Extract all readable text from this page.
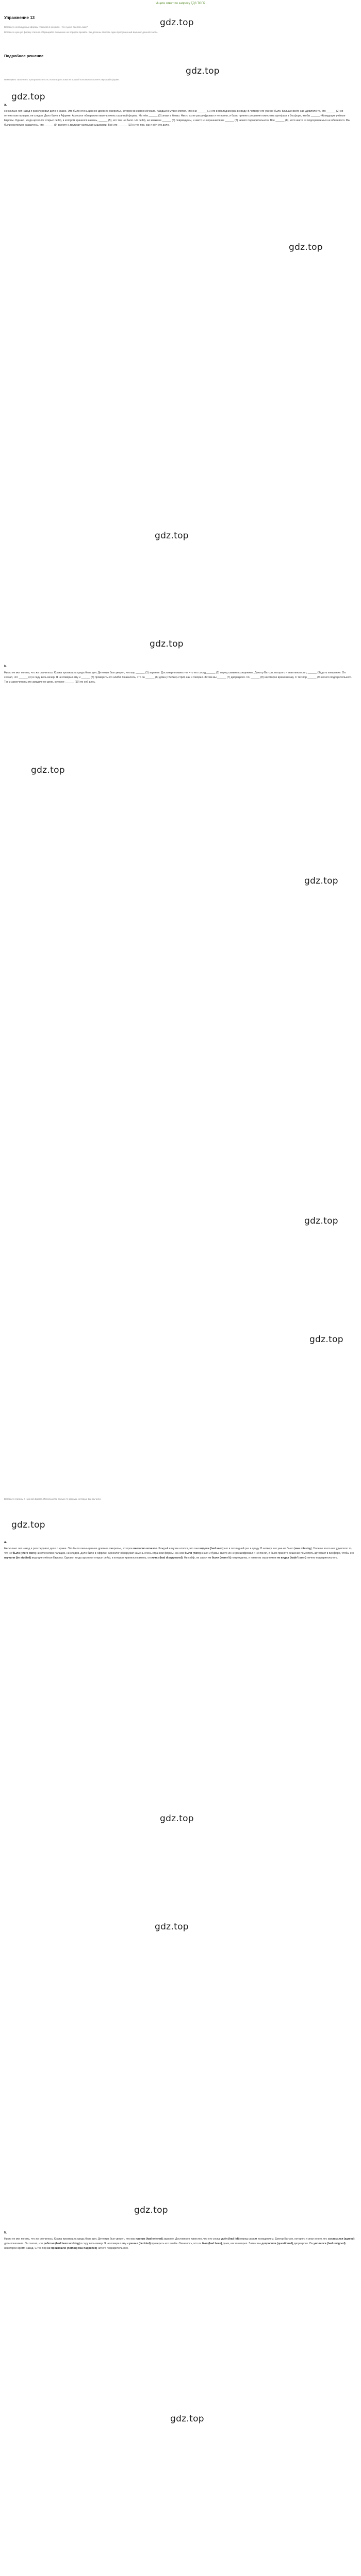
Ищете ответ по запросу ГДЗ ТОП?
Упражнение 13
Вставьте необходимые формы глаголов в скобках. Что нужно сделать вам?
Вставьте нужную форму глагола. Обращайте внимание на порядок времён. Вы должны вписать один пропущенный вариант данной части.
gdz.top
gdz.top
Подробное решение
Нам нужно заполнить пропуски в тексте, используя слова из правой колонки в соответствующей форме.

a.

Несколько лет назад я расследовал дело о краже. Это было очень ценное древнее ожерелье, которое внезапно исчезло. Каждый в музее клялся, что они ______ (1) его в последний раз в среду. В четверг его уже не было. Больше всего нас удивляло то, что ______ (2) ни отпечатков пальцев, ни следов. Дело было в Африке. Археолог обнаружил камень очень странной формы. На нём ______ (3) знаки и буквы. Никто их не расшифровал и не понял, и было принято решение поместить артефакт в Босфоре, чтобы ______ (4) ведущие учёные Европы. Однако, когда археолог открыл сейф, в котором хранился камень, ______ (5), его там не было. Ни сейф, ни замки не ______ (6) повреждены, и никто из охранников не ______ (7) ничего подозрительного. Все ______ (8), хотя никто из подозреваемых не обвинялся. Мы были настолько озадачены, что ______ (9) вместе с другими частными сыщиками. Всё это ______ (10) с тех пор, как я вёл это дело.

gdz.top
gdz.top
gdz.top
gdz.top

b.

Никто не мог понять, что же случилось. Кража произошла средь бела дня. Детектив был уверен, что вор ______ (1) заранее. Достоверно известно, что его сосед ______ (2) перед самым похищением. Доктор Ватсон, которого я знал много лет, ______ (3) дать показания. Он сказал, что ______ (4) в саду весь вечер. Я не поверил ему и ______ (5) проверить его алиби. Оказалось, что он ______ (6) дома у Бейкер-стрит, как и говорил. Затем мы ______ (7) дворецкого. Он ______ (8) некоторое время назад. С тех пор ______ (9) ничего подозрительного. Так и закончилось это загадочное дело, которое ______ (10) по сей день.

gdz.top
gdz.top
gdz.top
gdz.top
Вставьте глаголы в нужной форме. Используйте только те формы, которые вы изучили.
gdz.top

a.

Несколько лет назад я расследовал дело о краже. Это было очень ценное древнее ожерелье, которое внезапно исчезло. Каждый в музее клялся, что они видели (had seen) его в последний раз в среду. В четверг его уже не было (was missing). Больше всего нас удивляло то, что не было (there were) ни отпечатков пальцев, ни следов. Дело было в Африке. Археолог обнаружил камень очень странной формы. На нём были (were) знаки и буквы. Никто их не расшифровал и не понял, и было принято решение поместить артефакт в Босфоре, чтобы его изучили (be studied) ведущие учёные Европы. Однако, когда археолог открыл сейф, в котором хранился камень, он исчез (had disappeared). Ни сейф, ни замки не были (weren't) повреждены, и никто из охранников не видел (hadn't seen) ничего подозрительного.

gdz.top
gdz.top
gdz.top

b.

Никто не мог понять, что же случилось. Кража произошла средь бела дня. Детектив был уверен, что вор проник (had entered) заранее. Достоверно известно, что его сосед ушёл (had left) перед самым похищением. Доктор Ватсон, которого я знал много лет, согласился (agreed) дать показания. Он сказал, что работал (had been working) в саду весь вечер. Я не поверил ему и решил (decided) проверить его алиби. Оказалось, что он был (had been) дома, как и говорил. Затем мы допросили (questioned) дворецкого. Он уволился (had resigned) некоторое время назад. С тех пор не произошло (nothing has happened) ничего подозрительного.

gdz.top
